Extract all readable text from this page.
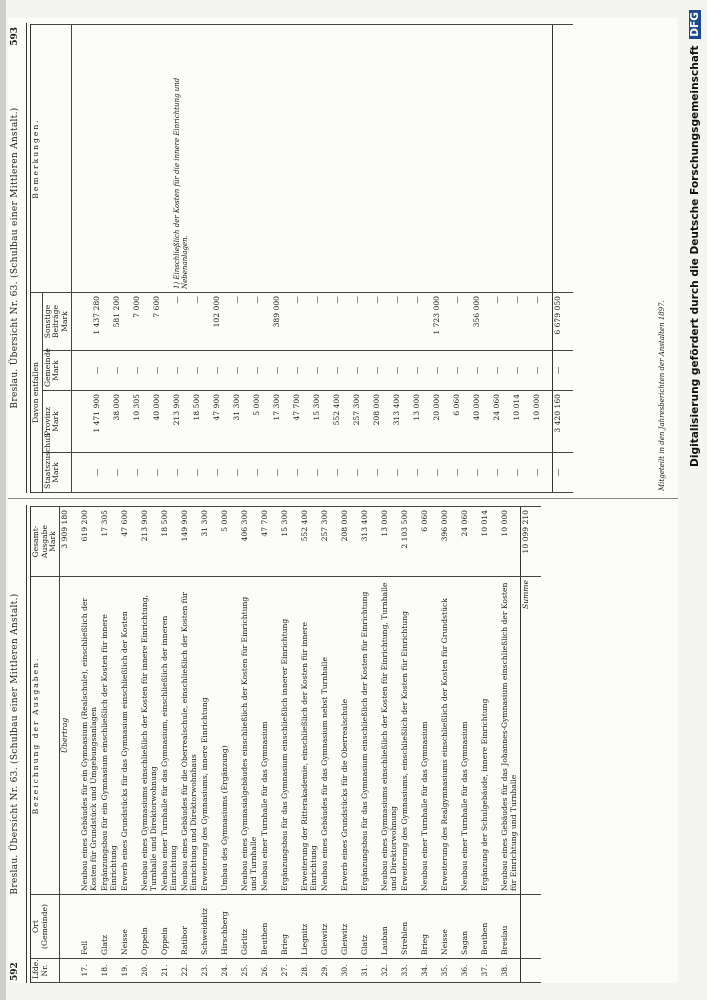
592
Breslau. Übersicht Nr. 63. (Schulbau einer Mittleren Anstalt.)
Lfde. Nr.	Ort (Gemeinde)	Bezeichnung der Ausgaben.	Gesamt-Ausgabe
Mark
		Übertrag	3 909 180
17.	Fell	Neubau eines Gebäudes für ein Gymnasium (Realschule), einschließlich der Kosten für Grundstück und Umgebungsanlagen	619 200
18.	Glatz	Ergänzungsbau für ein Gymnasium einschließlich der Kosten für innere Einrichtung	17 305
19.	Neisse	Erwerb eines Grundstücks für das Gymnasium einschließlich der Kosten	47 600
20.	Oppeln	Neubau eines Gymnasiums einschließlich der Kosten für innere Einrichtung, Turnhalle und Direktorwohnung	213 900
21.	Oppeln	Neubau einer Turnhalle für das Gymnasium, einschließlich der inneren Einrichtung	18 500
22.	Ratibor	Neubau eines Gebäudes für die Oberrealschule, einschließlich der Kosten für Einrichtung und Direktorwohnhaus	149 900
23.	Schweidnitz	Erweiterung des Gymnasiums, innere Einrichtung	31 300
24.	Hirschberg	Umbau des Gymnasiums (Ergänzung)	5 000
25.	Görlitz	Neubau eines Gymnasialgebäudes einschließlich der Kosten für Einrichtung und Turnhalle	406 300
26.	Beuthen	Neubau einer Turnhalle für das Gymnasium	47 700
27.	Brieg	Ergänzungsbau für das Gymnasium einschließlich innerer Einrichtung	15 300
28.	Liegnitz	Erweiterung der Ritterakademie, einschließlich der Kosten für innere Einrichtung	552 400
29.	Gleiwitz	Neubau eines Gebäudes für das Gymnasium nebst Turnhalle	257 300
30.	Gleiwitz	Erwerb eines Grundstücks für die Oberrealschule	208 000
31.	Glatz	Ergänzungsbau für das Gymnasium einschließlich der Kosten für Einrichtung	313 400
32.	Lauban	Neubau eines Gymnasiums einschließlich der Kosten für Einrichtung, Turnhalle und Direktorwohnung	13 000
33.	Strehlen	Erweiterung des Gymnasiums, einschließlich der Kosten für Einrichtung	2 103 500
34.	Brieg	Neubau einer Turnhalle für das Gymnasium	6 060
35.	Neisse	Erweiterung des Realgymnasiums einschließlich der Kosten für Grundstück	396 000
36.	Sagan	Neubau einer Turnhalle für das Gymnasium	24 060
37.	Beuthen	Ergänzung der Schulgebäude, innere Einrichtung	10 014
38.	Breslau	Neubau eines Gebäudes für das Johannes-Gymnasium einschließlich der Kosten für Einrichtung und Turnhalle	10 000
		Summe	10 099 210
Breslau. Übersicht Nr. 63. (Schulbau einer Mittleren Anstalt.)
593
Davon entfallen				Bemerkungen.
Staatszuschuß
Mark	Provinz
Mark	Gemeinde
Mark	Sonstige Beiträge
Mark	

—	1 471 900	—	1 437 280	
—	38 000	—	581 200	
—	10 305	—	7 000	
—	40 000	—	7 600	
—	213 900	—	—	1) Einschließlich der Kosten für die innere Einrichtung und Nebenanlagen.
—	18 500	—	—	
—	47 900	—	102 000	
—	31 300	—	—	
—	5 000	—	—	
—	17 300	—	389 000	
—	47 700	—	—	
—	15 300	—	—	
—	552 400	—	—	
—	257 300	—	—	
—	208 000	—	—	
—	313 400	—	—	
—	13 000	—	—	
—	20 000	—	1 723 000	
—	6 060	—	—	
—	40 000	—	356 000	
—	24 060	—	—	
—	10 014	—	—	
—	10 000	—	—	
—	3 420 160	—	6 679 050		Mitgeteilt in den Jahresberichten der Anstalten 1897. Digitalisierung gefördert durch die Deutsche Forschungsgemeinschaft DFG
